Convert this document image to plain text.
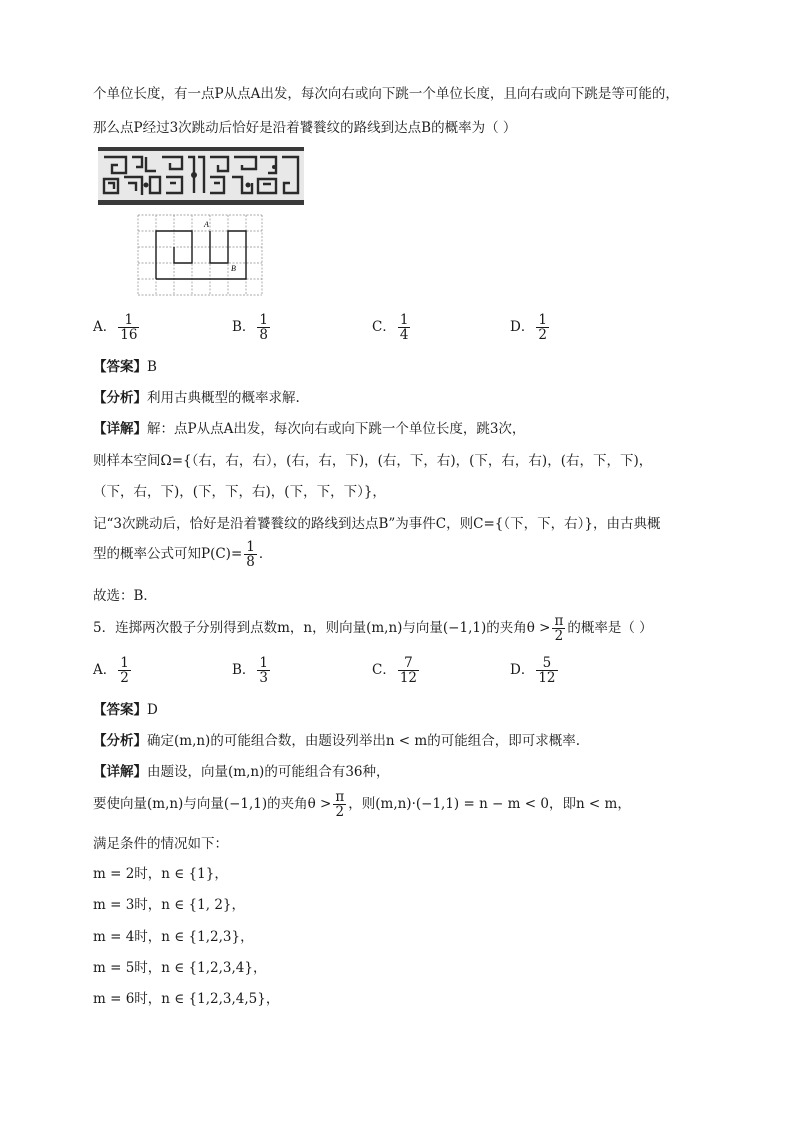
个单位长度，有一点P从点A出发，每次向右或向下跳一个单位长度，且向右或向下跳是等可能的，
那么点P经过3次跳动后恰好是沿着饕餮纹的路线到达点B的概率为（ ）
A
B
A． $\frac{1}{16}$	B． $\frac{1}{8}$	C． $\frac{1}{4}$	D． $\frac{1}{2}$
【答案】B
【分析】利用古典概型的概率求解.
【详解】解：点P从点A出发，每次向右或向下跳一个单位长度，跳3次，
则样本空间Ω={（右，右，右），(右，右，下)，(右，下，右)，(下，右，右)，(右，下，下)，
（下，右，下)，(下，下，右)，(下，下，下）}，
记“3次跳动后，恰好是沿着饕餮纹的路线到达点B”为事件C，则C={（下，下，右）}，由古典概
型的概率公式可知$P(C)= \frac{1}{8}$ ．
故选：B．
5．连掷两次骰子分别得到点数m，n，则向量(m,n)与向量(−1,1)的夹角$\theta > \frac{\pi}{2}$ 的概率是（ ）
A． $\frac{1}{2}$	B． $\frac{1}{3}$	C． $\frac{7}{12}$	D． $\frac{5}{12}$
【答案】D
【分析】确定(m,n)的可能组合数，由题设列举出n < m的可能组合，即可求概率.
【详解】由题设，向量(m,n)的可能组合有36种，
要使向量(m,n)与向量(−1,1)的夹角$\theta > \frac{\pi}{2}$ ，则(m,n)·(−1,1) = n − m < 0，即n < m，
满足条件的情况如下：
m = 2时，n ∈ {1}，
m = 3时，n ∈ {1, 2}，
m = 4时，n ∈ {1,2,3}，
m = 5时，n ∈ {1,2,3,4}，
m = 6时，n ∈ {1,2,3,4,5}，
